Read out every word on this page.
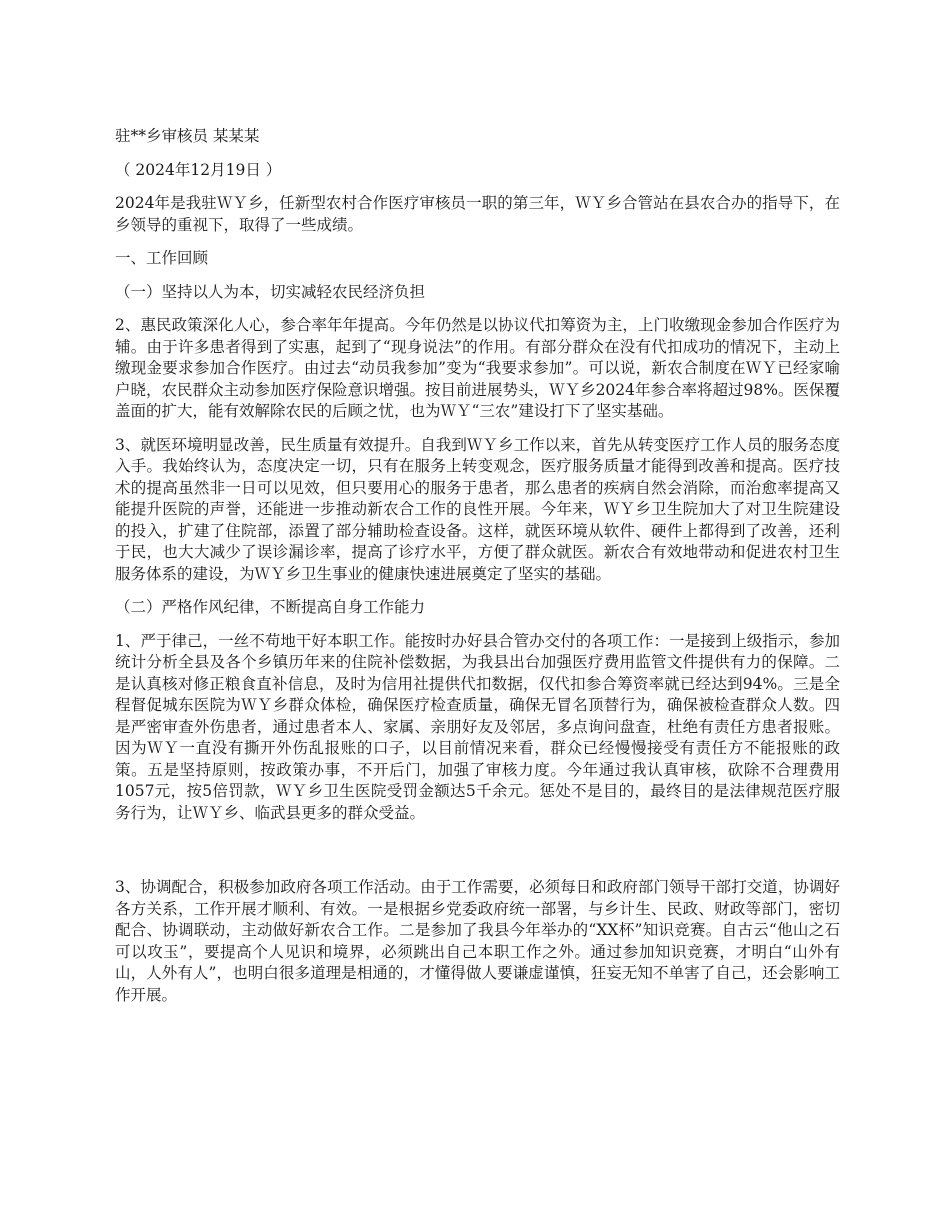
驻**乡审核员 某某某

（ 2024年12月19日 ）

2024年是我驻ＷＹ乡，任新型农村合作医疗审核员一职的第三年，ＷＹ乡合管站在县农合办的指导下，在乡领导的重视下，取得了一些成绩。

一、工作回顾

（一）坚持以人为本，切实减轻农民经济负担

2、惠民政策深化人心，参合率年年提高。今年仍然是以协议代扣筹资为主，上门收缴现金参加合作医疗为辅。由于许多患者得到了实惠，起到了“现身说法”的作用。有部分群众在没有代扣成功的情况下，主动上缴现金要求参加合作医疗。由过去“动员我参加”变为“我要求参加”。可以说，新农合制度在ＷＹ已经家喻户晓，农民群众主动参加医疗保险意识增强。按目前进展势头，ＷＹ乡2024年参合率将超过98%。医保覆盖面的扩大，能有效解除农民的后顾之忧，也为ＷＹ“三农”建设打下了坚实基础。

3、就医环境明显改善，民生质量有效提升。自我到ＷＹ乡工作以来，首先从转变医疗工作人员的服务态度入手。我始终认为，态度决定一切，只有在服务上转变观念，医疗服务质量才能得到改善和提高。医疗技术的提高虽然非一日可以见效，但只要用心的服务于患者，那么患者的疾病自然会消除，而治愈率提高又能提升医院的声誉，还能进一步推动新农合工作的良性开展。今年来，ＷＹ乡卫生院加大了对卫生院建设的投入，扩建了住院部，添置了部分辅助检查设备。这样，就医环境从软件、硬件上都得到了改善，还利于民，也大大减少了误诊漏诊率，提高了诊疗水平，方便了群众就医。新农合有效地带动和促进农村卫生服务体系的建设，为ＷＹ乡卫生事业的健康快速进展奠定了坚实的基础。

（二）严格作风纪律，不断提高自身工作能力

1、严于律己，一丝不苟地干好本职工作。能按时办好县合管办交付的各项工作：一是接到上级指示，参加统计分析全县及各个乡镇历年来的住院补偿数据，为我县出台加强医疗费用监管文件提供有力的保障。二是认真核对修正粮食直补信息，及时为信用社提供代扣数据，仅代扣参合筹资率就已经达到94%。三是全程督促城东医院为ＷＹ乡群众体检，确保医疗检查质量，确保无冒名顶替行为，确保被检查群众人数。四是严密审查外伤患者，通过患者本人、家属、亲朋好友及邻居，多点询问盘查，杜绝有责任方患者报账。因为ＷＹ一直没有撕开外伤乱报账的口子，以目前情况来看，群众已经慢慢接受有责任方不能报账的政策。五是坚持原则，按政策办事，不开后门，加强了审核力度。今年通过我认真审核，砍除不合理费用1057元，按5倍罚款，ＷＹ乡卫生医院受罚金额达5千余元。惩处不是目的，最终目的是法律规范医疗服务行为，让ＷＹ乡、临武县更多的群众受益。

3、协调配合，积极参加政府各项工作活动。由于工作需要，必须每日和政府部门领导干部打交道，协调好各方关系，工作开展才顺利、有效。一是根据乡党委政府统一部署，与乡计生、民政、财政等部门，密切配合、协调联动，主动做好新农合工作。二是参加了我县今年举办的“XX杯”知识竞赛。自古云“他山之石可以攻玉”，要提高个人见识和境界，必须跳出自己本职工作之外。通过参加知识竞赛，才明白“山外有山，人外有人”，也明白很多道理是相通的，才懂得做人要谦虚谨慎，狂妄无知不单害了自己，还会影响工作开展。
